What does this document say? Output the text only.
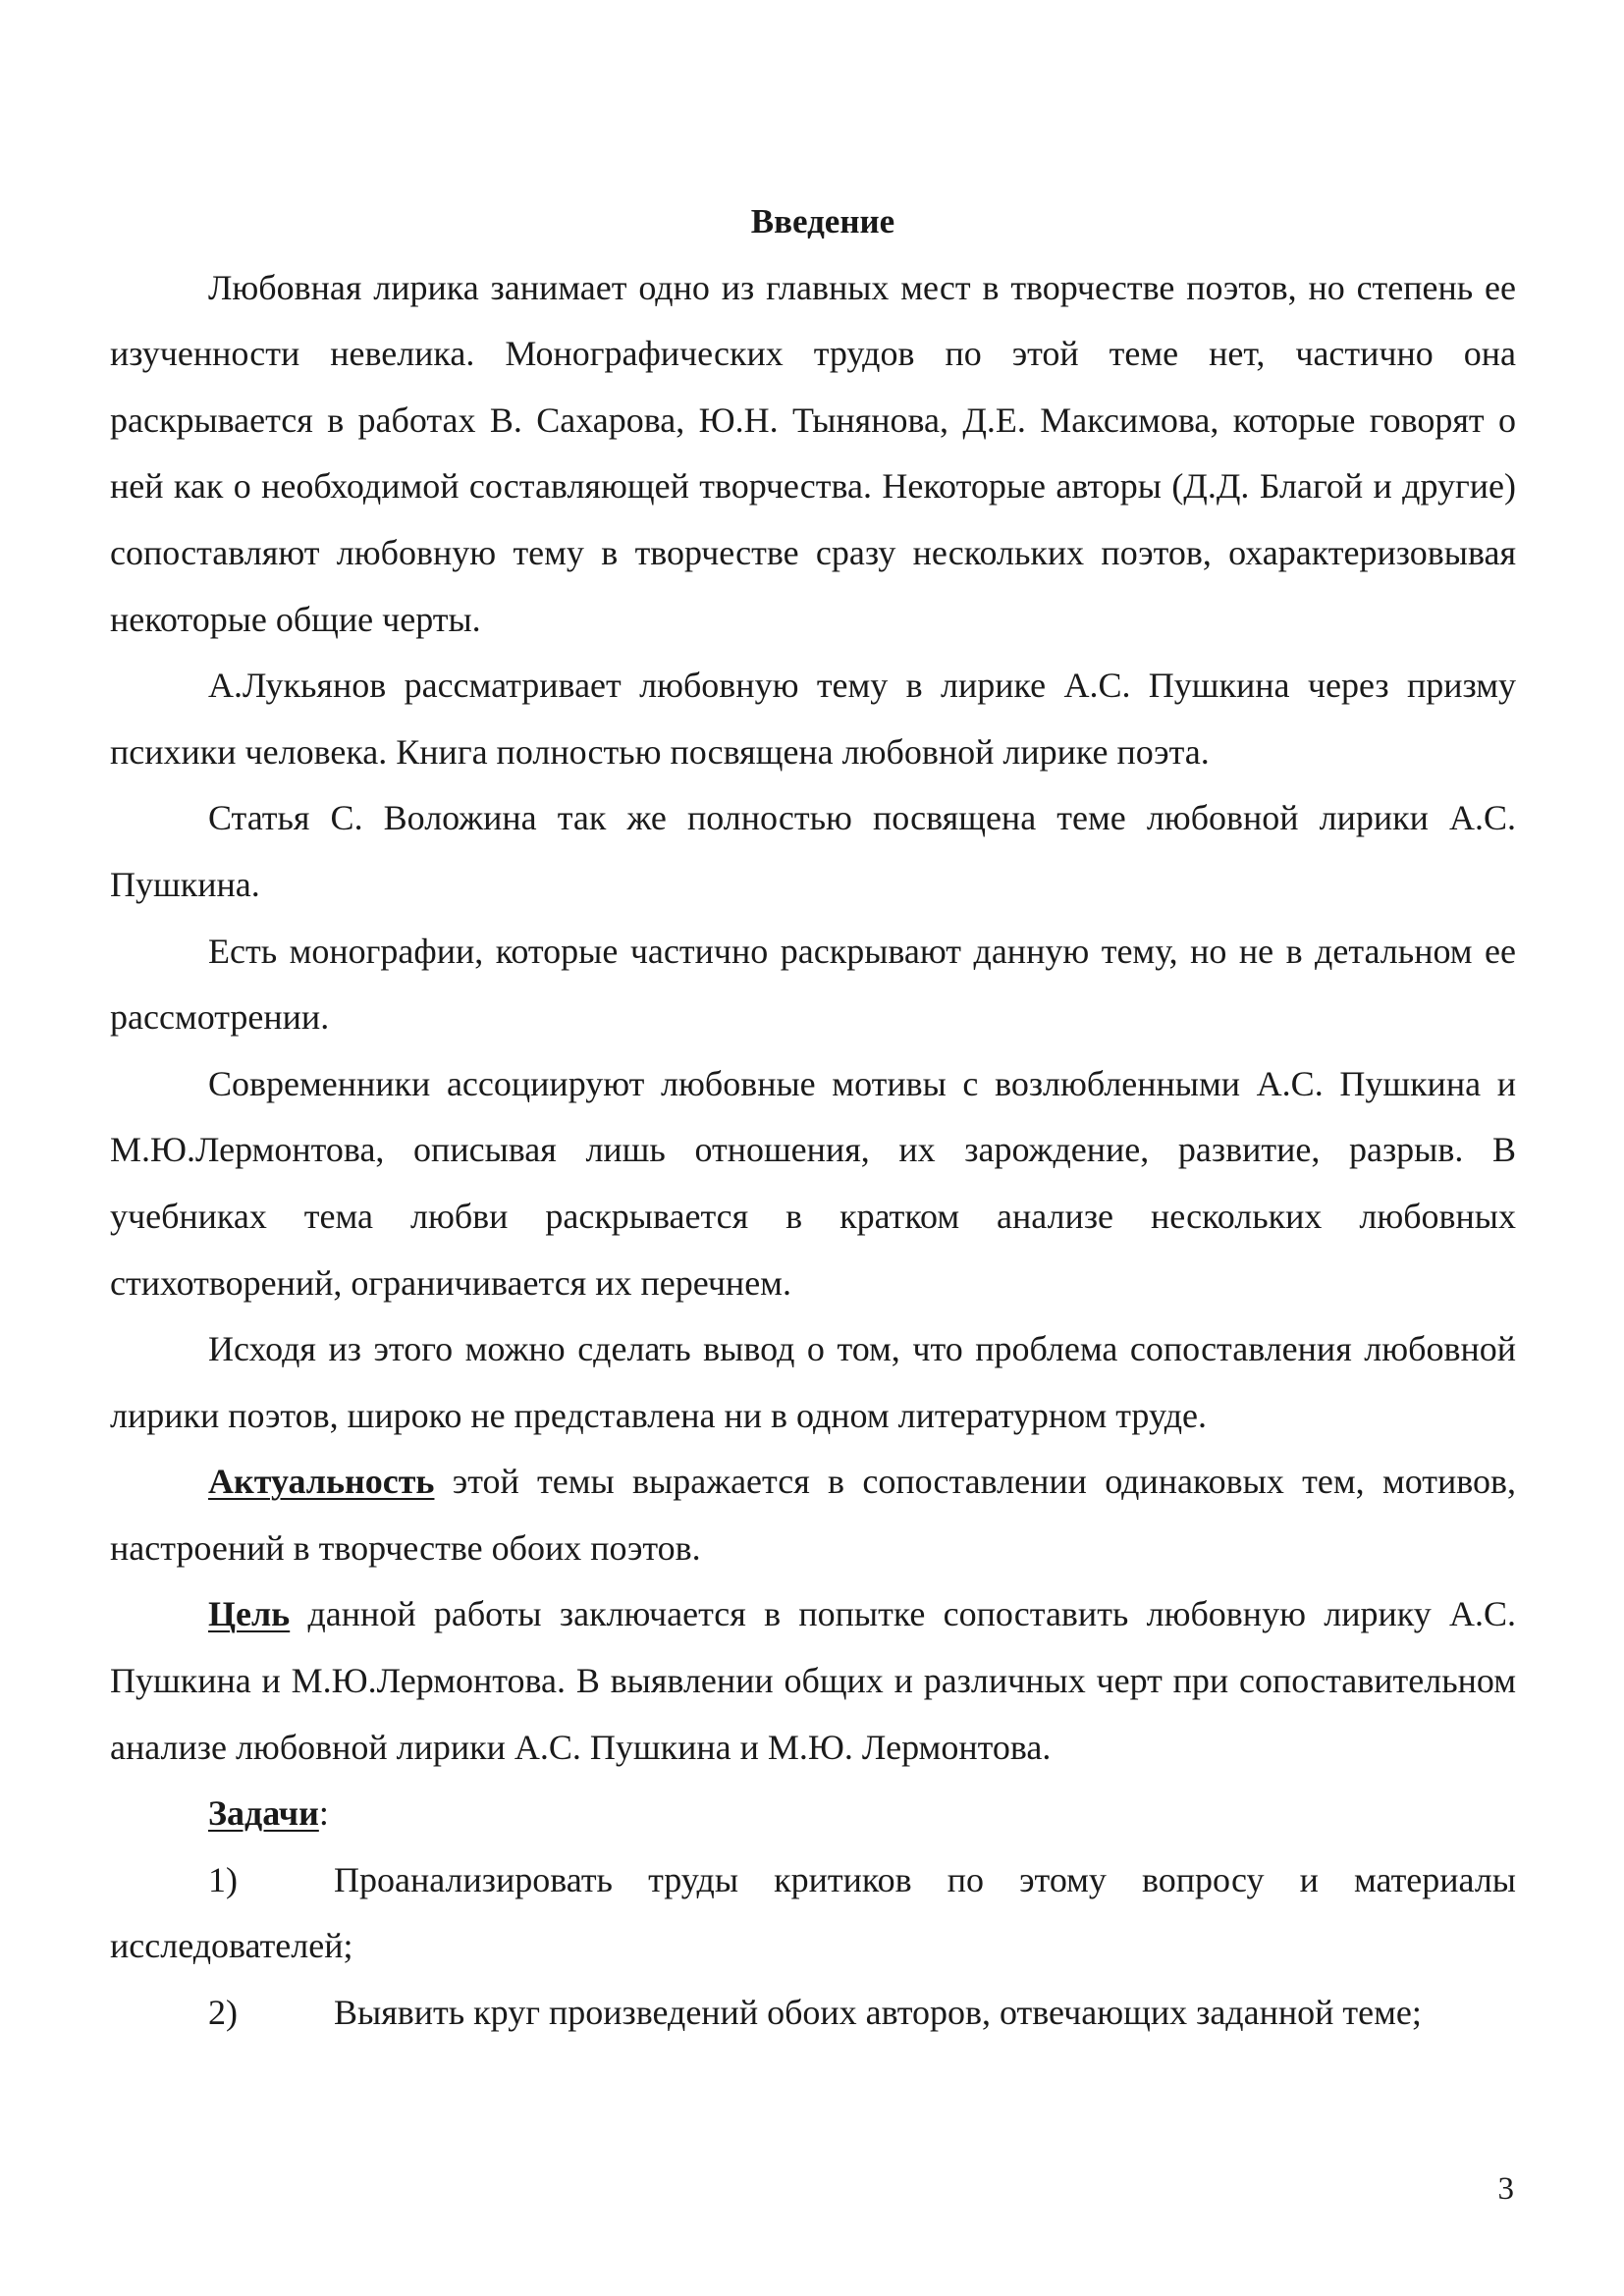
Введение

Любовная лирика занимает одно из главных мест в творчестве поэтов, но степень ее изученности невелика. Монографических трудов по этой теме нет, частично она раскрывается в работах В. Сахарова, Ю.Н. Тынянова, Д.Е. Максимова, которые говорят о ней как о необходимой составляющей творчества. Некоторые авторы (Д.Д. Благой и другие) сопоставляют любовную тему в творчестве сразу нескольких поэтов, охарактеризовывая некоторые общие черты.

А.Лукьянов рассматривает любовную тему в лирике А.С. Пушкина через призму психики человека. Книга полностью посвящена любовной лирике поэта.

Статья С. Воложина так же полностью посвящена теме любовной лирики А.С. Пушкина.

Есть монографии, которые частично раскрывают данную тему, но не в детальном ее рассмотрении.

Современники ассоциируют любовные мотивы с возлюбленными А.С. Пушкина и М.Ю.Лермонтова, описывая лишь отношения, их зарождение, развитие, разрыв. В учебниках тема любви раскрывается в кратком анализе нескольких любовных стихотворений, ограничивается их перечнем.

Исходя из этого можно сделать вывод о том, что проблема сопоставления любовной лирики поэтов, широко не представлена ни в одном литературном труде.

Актуальность этой темы выражается в сопоставлении одинаковых тем, мотивов, настроений в творчестве обоих поэтов.

Цель данной работы заключается в попытке сопоставить любовную лирику А.С. Пушкина и М.Ю.Лермонтова. В выявлении общих и различных черт при сопоставительном анализе любовной лирики А.С. Пушкина и М.Ю. Лермонтова.

Задачи:

1)	Проанализировать труды критиков по этому вопросу и материалы исследователей;

2)	Выявить круг произведений обоих авторов, отвечающих заданной теме;

3
